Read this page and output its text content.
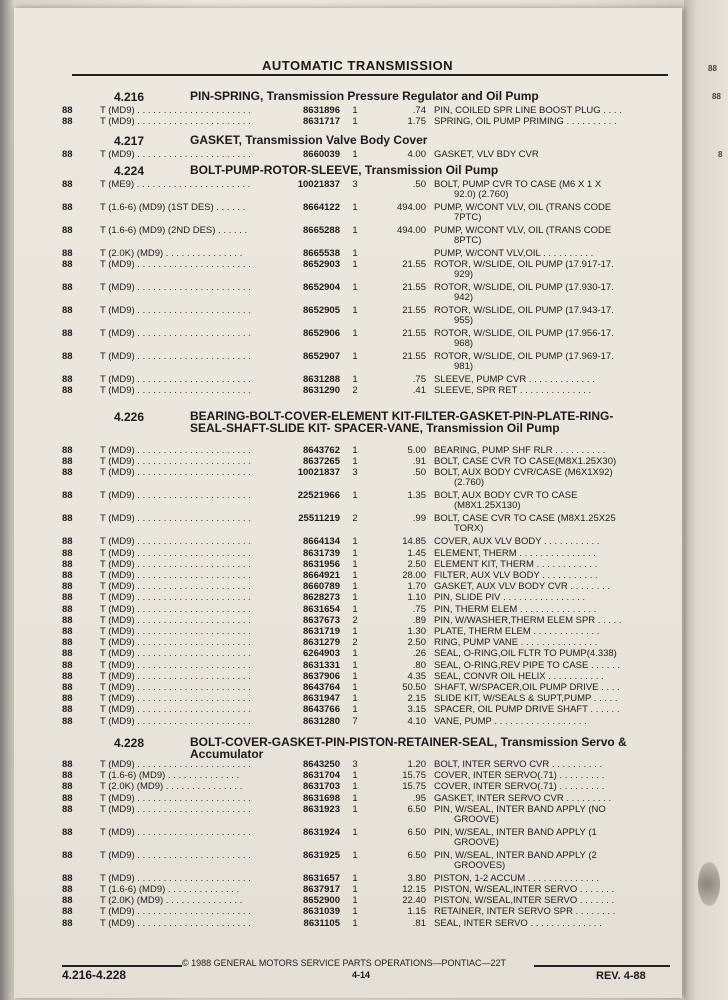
88
88
8
AUTOMATIC TRANSMISSION
4.216	PIN-SPRING, Transmission Pressure Regulator and Oil Pump
88	T (MD9) . . . . . . . . . . . . . . . . . . . . . .	8631896	1	.74 PIN, COILED SPR LINE BOOST PLUG . . . .
88	T (MD9) . . . . . . . . . . . . . . . . . . . . . .	8631717	1	1.75 SPRING, OIL PUMP PRIMING . . . . . . . . . .
4.217	GASKET, Transmission Valve Body Cover
88	T (MD9) . . . . . . . . . . . . . . . . . . . . . .	8660039	1	4.00 GASKET, VLV BDY CVR
4.224	BOLT-PUMP-ROTOR-SLEEVE, Transmission Oil Pump
88	T (ME9) . . . . . . . . . . . . . . . . . . . . . .	10021837	3	.50 BOLT, PUMP CVR TO CASE (M6 X 1 X
92.0) (2.760)
88	T (1.6-6) (MD9) (1ST DES) . . . . . .	8664122	1	494.00 PUMP, W/CONT VLV, OIL (TRANS CODE
7PTC)
88	T (1.6-6) (MD9) (2ND DES) . . . . . .	8665288	1	494.00 PUMP, W/CONT VLV, OIL (TRANS CODE
8PTC)
88	T (2.0K) (MD9) . . . . . . . . . . . . . . .	8665538	1	PUMP, W/CONT VLV,OIL . . . . . . . . . .
88	T (MD9) . . . . . . . . . . . . . . . . . . . . . .	8652903	1	21.55 ROTOR, W/SLIDE, OIL PUMP (17.917-17.
929)
88	T (MD9) . . . . . . . . . . . . . . . . . . . . . .	8652904	1	21.55 ROTOR, W/SLIDE, OIL PUMP (17.930-17.
942)
88	T (MD9) . . . . . . . . . . . . . . . . . . . . . .	8652905	1	21.55 ROTOR, W/SLIDE, OIL PUMP (17.943-17.
955)
88	T (MD9) . . . . . . . . . . . . . . . . . . . . . .	8652906	1	21.55 ROTOR, W/SLIDE, OIL PUMP (17.956-17.
968)
88	T (MD9) . . . . . . . . . . . . . . . . . . . . . .	8652907	1	21.55 ROTOR, W/SLIDE, OIL PUMP (17.969-17.
981)
88	T (MD9) . . . . . . . . . . . . . . . . . . . . . .	8631288	1	.75 SLEEVE, PUMP CVR . . . . . . . . . . . . .
88	T (MD9) . . . . . . . . . . . . . . . . . . . . . .	8631290	2	.41 SLEEVE, SPR RET . . . . . . . . . . . . . .
4.226	BEARING-BOLT-COVER-ELEMENT KIT-FILTER-GASKET-PIN-PLATE-RING-SEAL-SHAFT-SLIDE KIT- SPACER-VANE, Transmission Oil Pump
88	T (MD9) . . . . . . . . . . . . . . . . . . . . . .	8643762	1	5.00 BEARING, PUMP SHF RLR . . . . . . . . . .
88	T (MD9) . . . . . . . . . . . . . . . . . . . . . .	8637265	1	.91 BOLT, CASE CVR TO CASE(M8X1.25X30)
88	T (MD9) . . . . . . . . . . . . . . . . . . . . . .	10021837	3	.50 BOLT, AUX BODY CVR/CASE (M6X1X92)
(2.760)
88	T (MD9) . . . . . . . . . . . . . . . . . . . . . .	22521966	1	1.35 BOLT, AUX BODY CVR TO CASE
(M8X1.25X130)
88	T (MD9) . . . . . . . . . . . . . . . . . . . . . .	25511219	2	.99 BOLT, CASE CVR TO CASE (M8X1.25X25
TORX)
88	T (MD9) . . . . . . . . . . . . . . . . . . . . . .	8664134	1	14.85 COVER, AUX VLV BODY . . . . . . . . . . .
88	T (MD9) . . . . . . . . . . . . . . . . . . . . . .	8631739	1	1.45 ELEMENT, THERM . . . . . . . . . . . . . . .
88	T (MD9) . . . . . . . . . . . . . . . . . . . . . .	8631956	1	2.50 ELEMENT KIT, THERM . . . . . . . . . . . .
88	T (MD9) . . . . . . . . . . . . . . . . . . . . . .	8664921	1	28.00 FILTER, AUX VLV BODY . . . . . . . . . . .
88	T (MD9) . . . . . . . . . . . . . . . . . . . . . .	8660789	1	1.70 GASKET, AUX VLV BODY CVR . . . . . . . .
88	T (MD9) . . . . . . . . . . . . . . . . . . . . . .	8628273	1	1.10 PIN, SLIDE PIV . . . . . . . . . . . . . . . .
88	T (MD9) . . . . . . . . . . . . . . . . . . . . . .	8631654	1	.75 PIN, THERM ELEM . . . . . . . . . . . . . . .
88	T (MD9) . . . . . . . . . . . . . . . . . . . . . .	8637673	2	.89 PIN, W/WASHER,THERM ELEM SPR . . . . .
88	T (MD9) . . . . . . . . . . . . . . . . . . . . . .	8631719	1	1.30 PLATE, THERM ELEM . . . . . . . . . . . . .
88	T (MD9) . . . . . . . . . . . . . . . . . . . . . .	8631279	2	2.50 RING, PUMP VANE . . . . . . . . . . . . . . .
88	T (MD9) . . . . . . . . . . . . . . . . . . . . . .	6264903	1	.26 SEAL, O-RING,OIL FLTR TO PUMP(4.338)
88	T (MD9) . . . . . . . . . . . . . . . . . . . . . .	8631331	1	.80 SEAL, O-RING,REV PIPE TO CASE . . . . . .
88	T (MD9) . . . . . . . . . . . . . . . . . . . . . .	8637906	1	4.35 SEAL, CONVR OIL HELIX . . . . . . . . . . .
88	T (MD9) . . . . . . . . . . . . . . . . . . . . . .	8643764	1	50.50 SHAFT, W/SPACER,OIL PUMP DRIVE . . . .
88	T (MD9) . . . . . . . . . . . . . . . . . . . . . .	8631947	1	2.15 SLIDE KIT, W/SEALS & SUPT,PUMP . . . . .
88	T (MD9) . . . . . . . . . . . . . . . . . . . . . .	8643766	1	3.15 SPACER, OIL PUMP DRIVE SHAFT . . . . . .
88	T (MD9) . . . . . . . . . . . . . . . . . . . . . .	8631280	7	4.10 VANE, PUMP . . . . . . . . . . . . . . . . . .
4.228	BOLT-COVER-GASKET-PIN-PISTON-RETAINER-SEAL, Transmission Servo & Accumulator
88	T (MD9) . . . . . . . . . . . . . . . . . . . . . .	8643250	3	1.20 BOLT, INTER SERVO CVR . . . . . . . . . .
88	T (1.6-6) (MD9) . . . . . . . . . . . . . .	8631704	1	15.75 COVER, INTER SERVO(.71) . . . . . . . . .
88	T (2.0K) (MD9) . . . . . . . . . . . . . . .	8631703	1	15.75 COVER, INTER SERVO(.71) . . . . . . . . .
88	T (MD9) . . . . . . . . . . . . . . . . . . . . . .	8631698	1	.95 GASKET, INTER SERVO CVR . . . . . . . . .
88	T (MD9) . . . . . . . . . . . . . . . . . . . . . .	8631923	1	6.50 PIN, W/SEAL, INTER BAND APPLY (NO
GROOVE)
88	T (MD9) . . . . . . . . . . . . . . . . . . . . . .	8631924	1	6.50 PIN, W/SEAL, INTER BAND APPLY (1
GROOVE)
88	T (MD9) . . . . . . . . . . . . . . . . . . . . . .	8631925	1	6.50 PIN, W/SEAL, INTER BAND APPLY (2
GROOVES)
88	T (MD9) . . . . . . . . . . . . . . . . . . . . . .	8631657	1	3.80 PISTON, 1-2 ACCUM . . . . . . . . . . . . . .
88	T (1.6-6) (MD9) . . . . . . . . . . . . . .	8637917	1	12.15 PISTON, W/SEAL,INTER SERVO . . . . . . .
88	T (2.0K) (MD9) . . . . . . . . . . . . . . .	8652900	1	22.40 PISTON, W/SEAL,INTER SERVO . . . . . . .
88	T (MD9) . . . . . . . . . . . . . . . . . . . . . .	8631039	1	1.15 RETAINER, INTER SERVO SPR . . . . . . . .
88	T (MD9) . . . . . . . . . . . . . . . . . . . . . .	8631105	1	.81 SEAL, INTER SERVO . . . . . . . . . . . . . .
4.216-4.228
© 1988 GENERAL MOTORS SERVICE PARTS OPERATIONS—PONTIAC—22T
4-14	REV. 4-88
